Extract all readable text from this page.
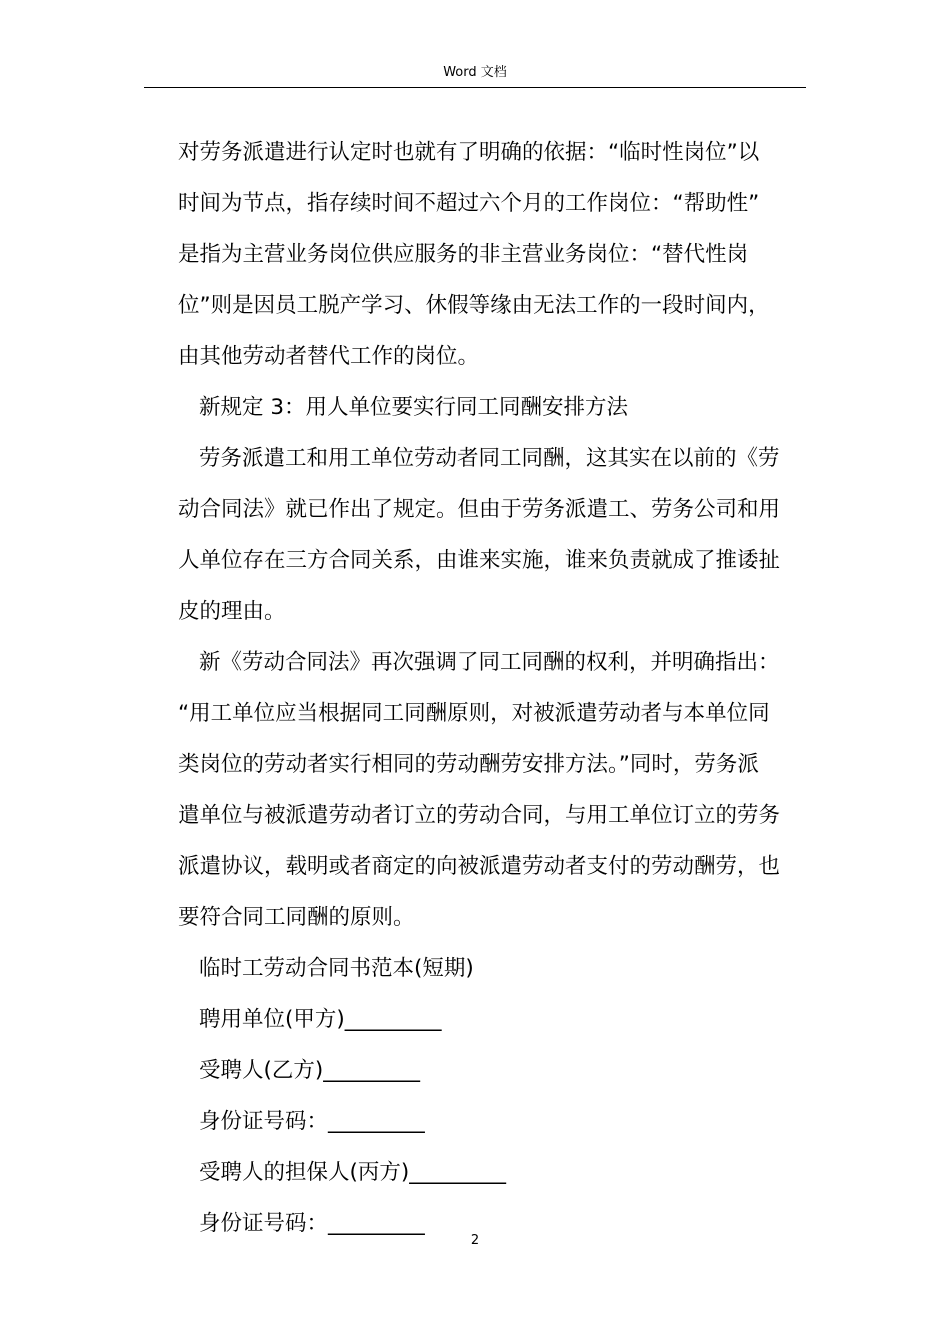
Word 文档
对劳务派遣进行认定时也就有了明确的依据：“临时性岗位”以
时间为节点，指存续时间不超过六个月的工作岗位：“帮助性”
是指为主营业务岗位供应服务的非主营业务岗位：“替代性岗
位”则是因员工脱产学习、休假等缘由无法工作的一段时间内，
由其他劳动者替代工作的岗位。
新规定 3：用人单位要实行同工同酬安排方法
劳务派遣工和用工单位劳动者同工同酬，这其实在以前的《劳
动合同法》就已作出了规定。但由于劳务派遣工、劳务公司和用
人单位存在三方合同关系，由谁来实施，谁来负责就成了推诿扯
皮的理由。
新《劳动合同法》再次强调了同工同酬的权利，并明确指出：
“用工单位应当根据同工同酬原则，对被派遣劳动者与本单位同
类岗位的劳动者实行相同的劳动酬劳安排方法。”同时，劳务派
遣单位与被派遣劳动者订立的劳动合同，与用工单位订立的劳务
派遣协议，载明或者商定的向被派遣劳动者支付的劳动酬劳，也
要符合同工同酬的原则。
临时工劳动合同书范本(短期)
聘用单位(甲方)_________
受聘人(乙方)_________
身份证号码：_________
受聘人的担保人(丙方)_________
身份证号码：_________
2
